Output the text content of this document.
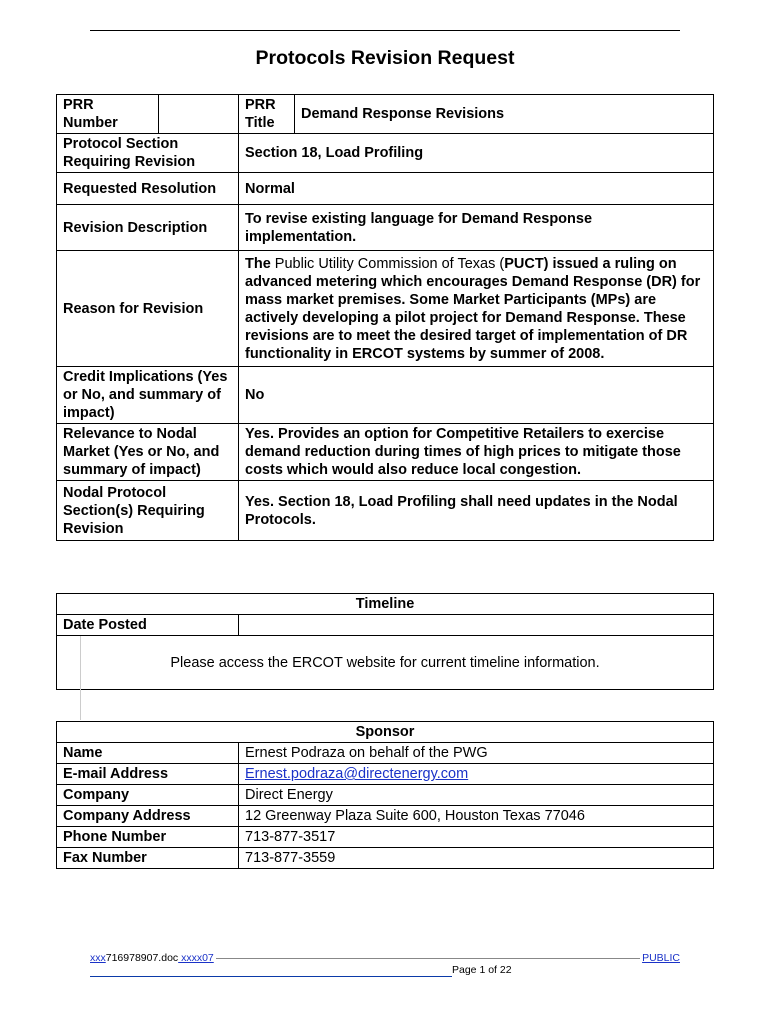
Protocols Revision Request
PRR Number		PRR Title	Demand Response Revisions
Protocol Section Requiring Revision		Section 18, Load Profiling	
Requested Resolution		Normal	
Revision Description		To revise existing language for Demand Response implementation.	
Reason for Revision		The Public Utility Commission of Texas (PUCT) issued a ruling on advanced metering which encourages Demand Response (DR) for mass market premises. Some Market Participants (MPs) are actively developing a pilot project for Demand Response. These revisions are to meet the desired target of implementation of DR functionality in ERCOT systems by summer of 2008.	
Credit Implications (Yes or No, and summary of impact)		No	
Relevance to Nodal Market (Yes or No, and summary of impact)		Yes. Provides an option for Competitive Retailers to exercise demand reduction during times of high prices to mitigate those costs which would also reduce local congestion.	
Nodal Protocol Section(s) Requiring Revision		Yes. Section 18, Load Profiling shall need updates in the Nodal Protocols.	
Timeline		
Date Posted		
	Please access the ERCOT website for current timeline information.	
Sponsor	
Name	Ernest Podraza on behalf of the PWG
E-mail Address	Ernest.podraza@directenergy.com
Company	Direct Energy
Company Address	12 Greenway Plaza Suite 600, Houston Texas 77046
Phone Number	713-877-3517
Fax Number	713-877-3559
xxx716978907.doc xxxx07	PUBLIC
Page 1 of 22
